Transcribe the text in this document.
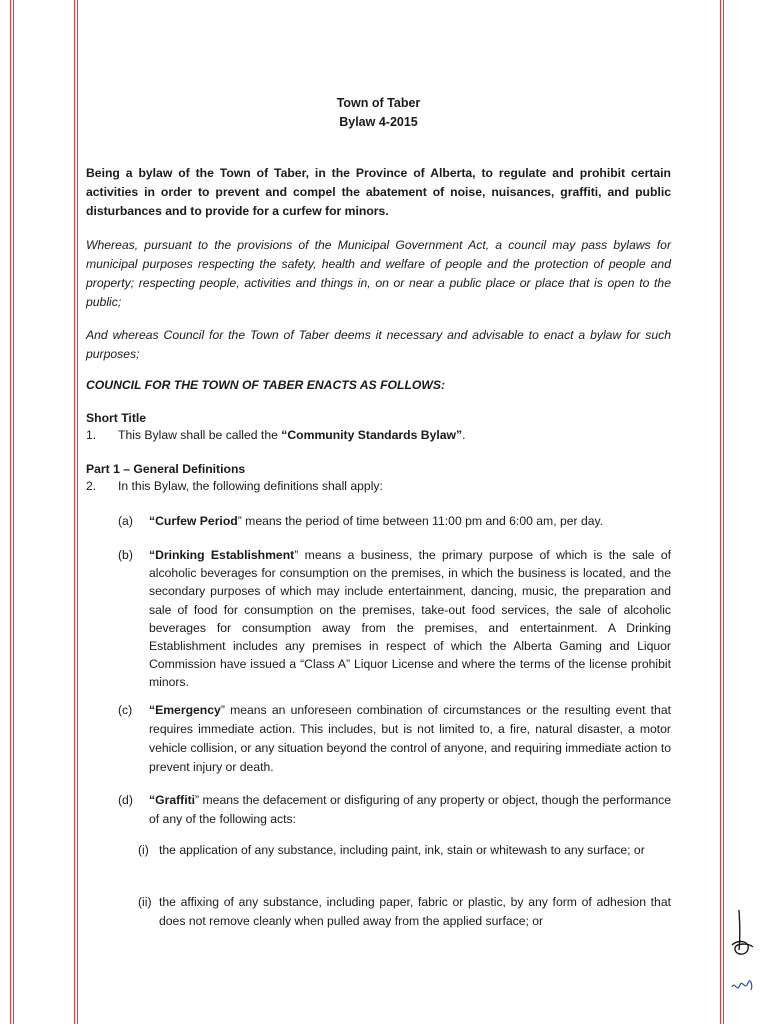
Town of Taber
Bylaw 4-2015

Being a bylaw of the Town of Taber, in the Province of Alberta, to regulate and prohibit certain activities in order to prevent and compel the abatement of noise, nuisances, graffiti, and public disturbances and to provide for a curfew for minors.

Whereas, pursuant to the provisions of the Municipal Government Act, a council may pass bylaws for municipal purposes respecting the safety, health and welfare of people and the protection of people and property; respecting people, activities and things in, on or near a public place or place that is open to the public;

And whereas Council for the Town of Taber deems it necessary and advisable to enact a bylaw for such purposes;

COUNCIL FOR THE TOWN OF TABER ENACTS AS FOLLOWS:

Short Title
1. This Bylaw shall be called the “Community Standards Bylaw”.
Part 1 – General Definitions
2. In this Bylaw, the following definitions shall apply:
(a) “Curfew Period” means the period of time between 11:00 pm and 6:00 am, per day.
(b) “Drinking Establishment” means a business, the primary purpose of which is the sale of alcoholic beverages for consumption on the premises, in which the business is located, and the secondary purposes of which may include entertainment, dancing, music, the preparation and sale of food for consumption on the premises, take-out food services, the sale of alcoholic beverages for consumption away from the premises, and entertainment. A Drinking Establishment includes any premises in respect of which the Alberta Gaming and Liquor Commission have issued a “Class A” Liquor License and where the terms of the license prohibit minors.
(c) “Emergency” means an unforeseen combination of circumstances or the resulting event that requires immediate action. This includes, but is not limited to, a fire, natural disaster, a motor vehicle collision, or any situation beyond the control of anyone, and requiring immediate action to prevent injury or death.
(d) “Graffiti” means the defacement or disfiguring of any property or object, though the performance of any of the following acts:
(i) the application of any substance, including paint, ink, stain or whitewash to any surface; or
(ii) the affixing of any substance, including paper, fabric or plastic, by any form of adhesion that does not remove cleanly when pulled away from the applied surface; or
